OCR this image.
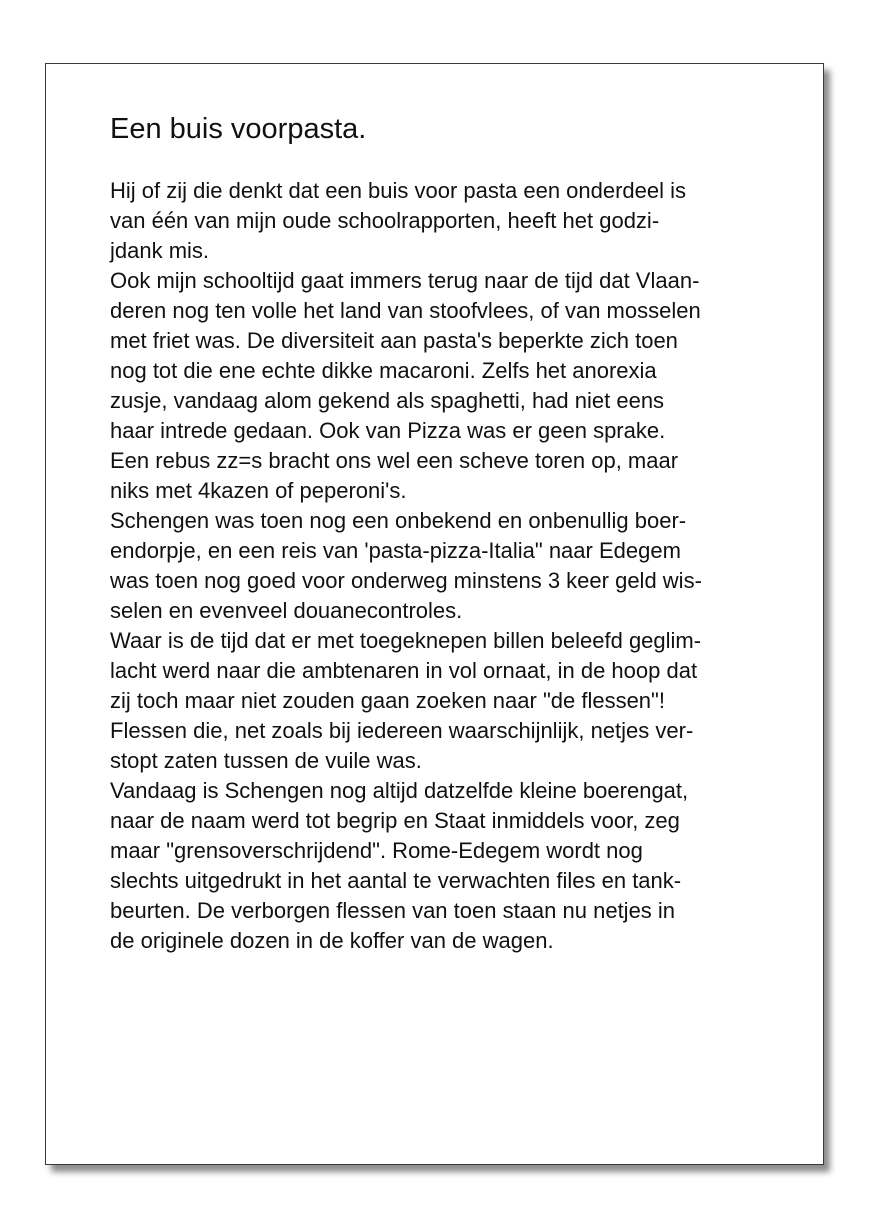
Een buis voorpasta.
Hij of zij die denkt dat een buis voor pasta een onderdeel is
van één van mijn oude schoolrapporten, heeft het godzi-
jdank mis.
Ook mijn schooltijd gaat immers terug naar de tijd dat Vlaan-
deren nog ten volle het land van stoofvlees, of van mosselen
met friet was. De diversiteit aan pasta's beperkte zich toen
nog tot die ene echte dikke macaroni. Zelfs het anorexia
zusje, vandaag alom gekend als spaghetti, had niet eens
haar intrede gedaan. Ook van Pizza was er geen sprake.
Een rebus zz=s bracht ons wel een scheve toren op, maar
niks met 4kazen of peperoni's.
Schengen was toen nog een onbekend en onbenullig boer-
endorpje, en een reis van 'pasta-pizza-Italia" naar Edegem
was toen nog goed voor onderweg minstens 3 keer geld wis-
selen en evenveel douanecontroles.
Waar is de tijd dat er met toegeknepen billen beleefd geglim-
lacht werd naar die ambtenaren in vol ornaat, in de hoop dat
zij toch maar niet zouden gaan zoeken naar "de flessen"!
Flessen die, net zoals bij iedereen waarschijnlijk, netjes ver-
stopt zaten tussen de vuile was.
Vandaag is Schengen nog altijd datzelfde kleine boerengat,
naar de naam werd tot begrip en Staat inmiddels voor, zeg
maar "grensoverschrijdend". Rome-Edegem wordt nog
slechts uitgedrukt in het aantal te verwachten files en tank-
beurten. De verborgen flessen van toen staan nu netjes in
de originele dozen in de koffer van de wagen.
